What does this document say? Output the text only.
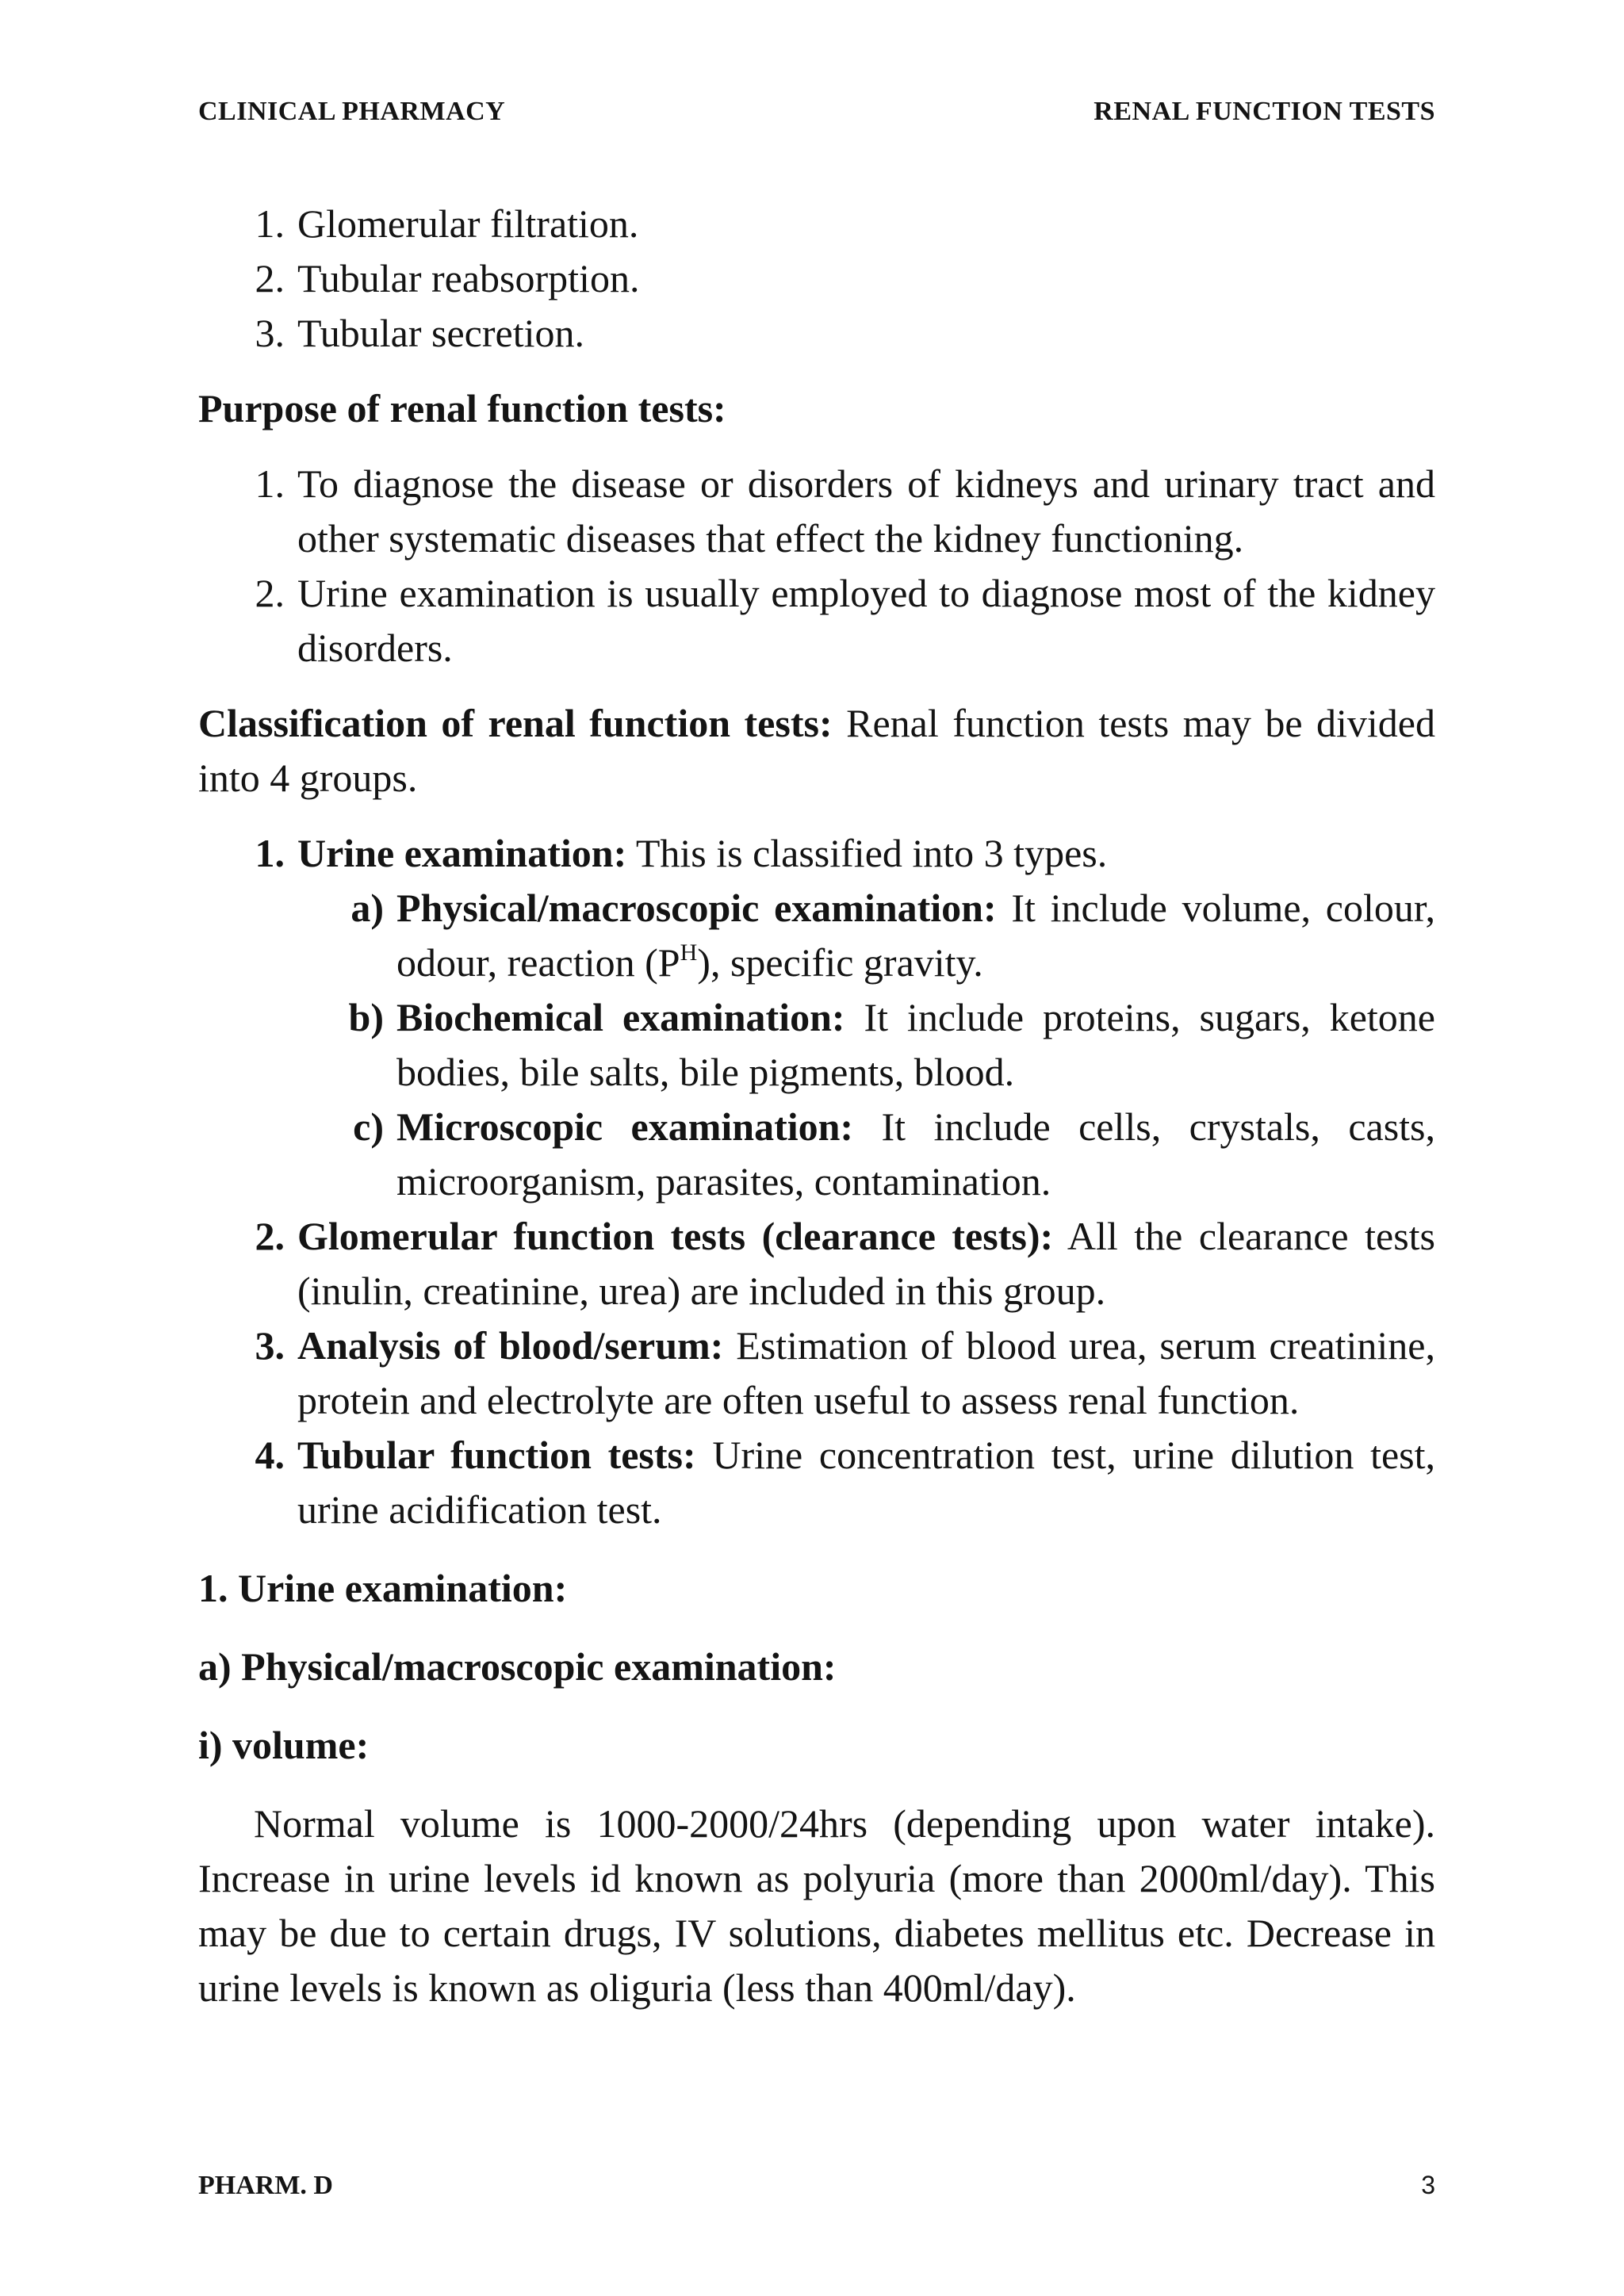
CLINICAL PHARMACY	RENAL FUNCTION TESTS
1. Glomerular filtration.
2. Tubular reabsorption.
3. Tubular secretion.
Purpose of renal function tests:
1. To diagnose the disease or disorders of kidneys and urinary tract and other systematic diseases that effect the kidney functioning.
2. Urine examination is usually employed to diagnose most of the kidney disorders.

Classification of renal function tests: Renal function tests may be divided into 4 groups.

1. Urine examination: This is classified into 3 types.
a) Physical/macroscopic examination: It include volume, colour, odour, reaction $(P^H)$, specific gravity.
b) Biochemical examination: It include proteins, sugars, ketone bodies, bile salts, bile pigments, blood.
c) Microscopic examination: It include cells, crystals, casts, microorganism, parasites, contamination.
2. Glomerular function tests (clearance tests): All the clearance tests (inulin, creatinine, urea) are included in this group.
3. Analysis of blood/serum: Estimation of blood urea, serum creatinine, protein and electrolyte are often useful to assess renal function.
4. Tubular function tests: Urine concentration test, urine dilution test, urine acidification test.
1. Urine examination:
a) Physical/macroscopic examination:
i) volume:

Normal volume is 1000-2000/24hrs (depending upon water intake). Increase in urine levels id known as polyuria (more than 2000ml/day). This may be due to certain drugs, IV solutions, diabetes mellitus etc. Decrease in urine levels is known as oliguria (less than 400ml/day).

PHARM. D	3
